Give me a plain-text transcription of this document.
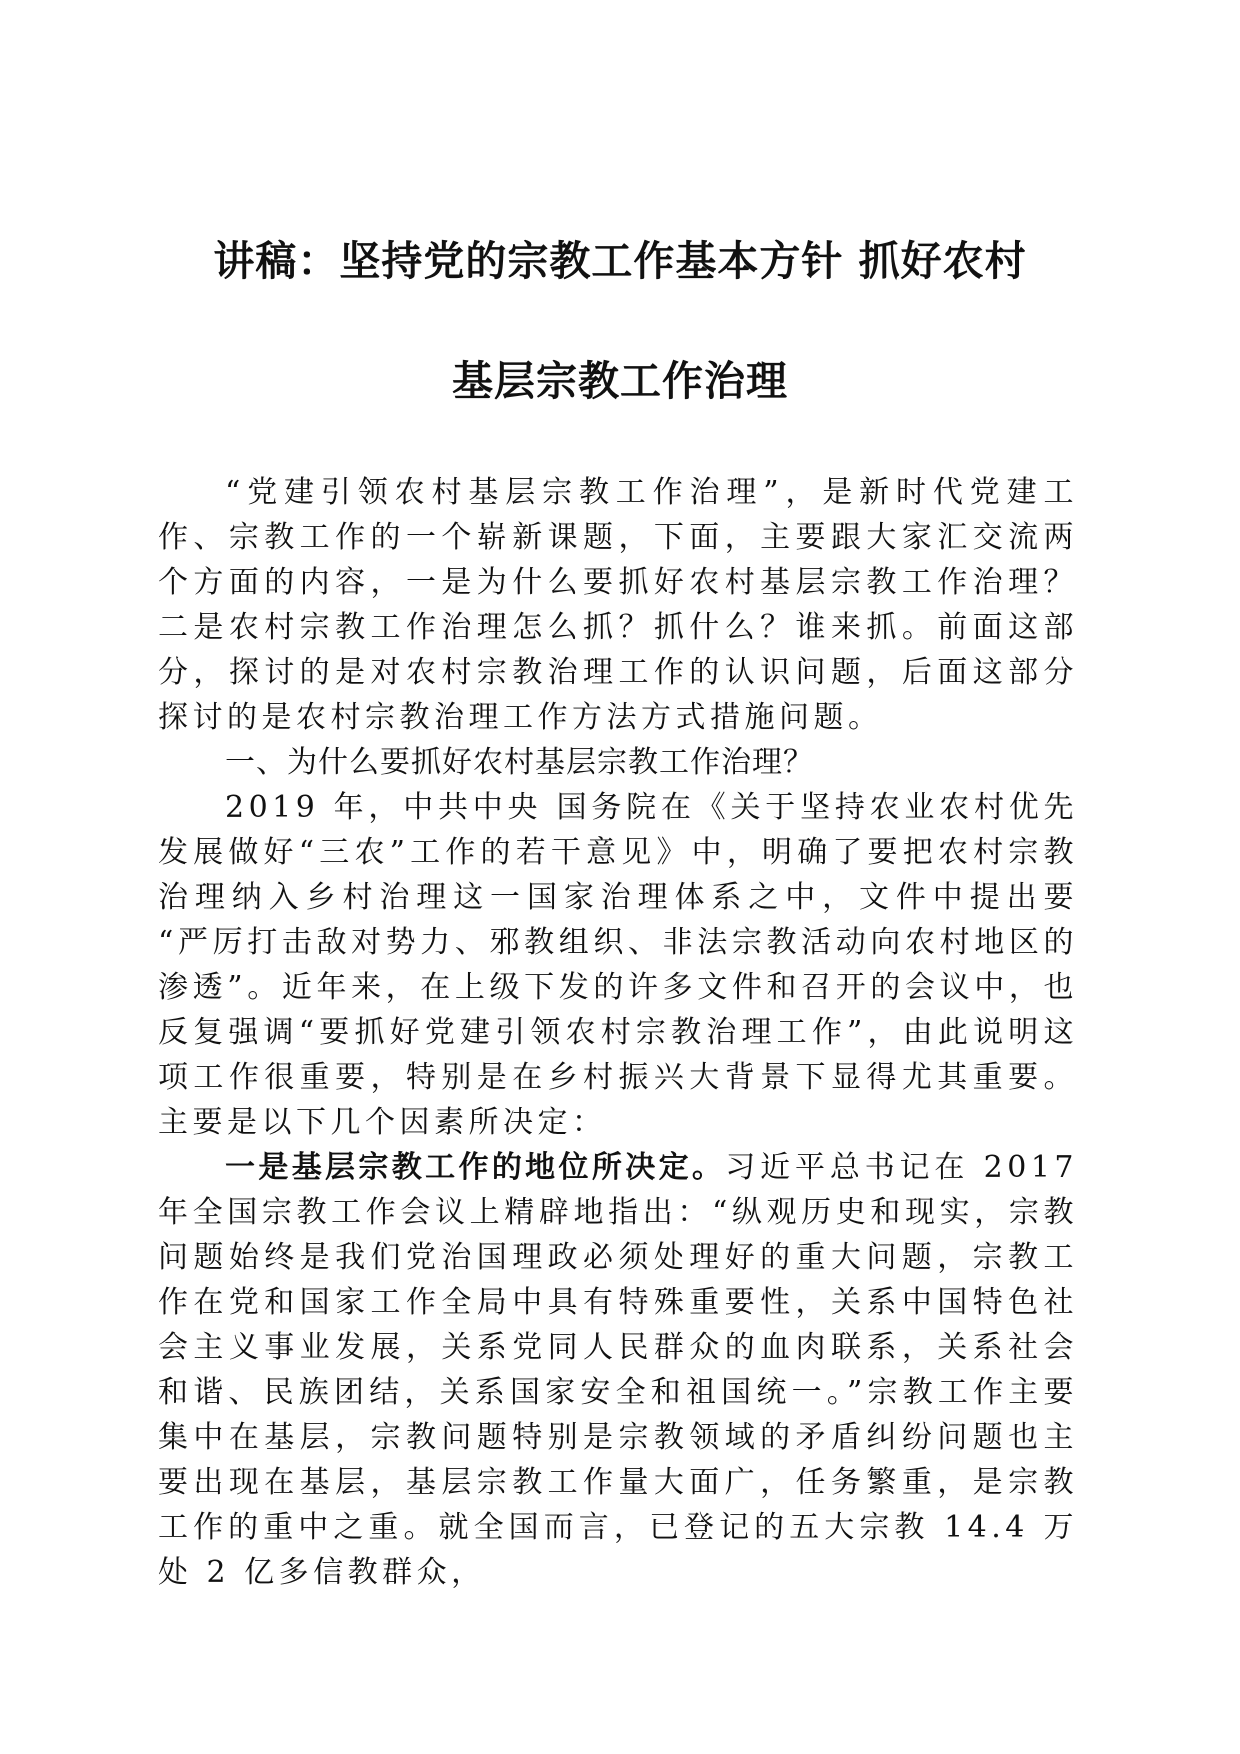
讲稿：坚持党的宗教工作基本方针 抓好农村
基层宗教工作治理

“党建引领农村基层宗教工作治理”，是新时代党建工作、宗教工作的一个崭新课题，下面，主要跟大家汇交流两个方面的内容，一是为什么要抓好农村基层宗教工作治理？二是农村宗教工作治理怎么抓？抓什么？谁来抓。前面这部分，探讨的是对农村宗教治理工作的认识问题，后面这部分探讨的是农村宗教治理工作方法方式措施问题。

一、为什么要抓好农村基层宗教工作治理？

2019 年，中共中央 国务院在《关于坚持农业农村优先发展做好“三农”工作的若干意见》中，明确了要把农村宗教治理纳入乡村治理这一国家治理体系之中，文件中提出要 “严厉打击敌对势力、邪教组织、非法宗教活动向农村地区的渗透”。近年来，在上级下发的许多文件和召开的会议中，也反复强调“要抓好党建引领农村宗教治理工作”，由此说明这项工作很重要，特别是在乡村振兴大背景下显得尤其重要。主要是以下几个因素所决定：

一是基层宗教工作的地位所决定。习近平总书记在 2017 年全国宗教工作会议上精辟地指出：“纵观历史和现实，宗教问题始终是我们党治国理政必须处理好的重大问题，宗教工作在党和国家工作全局中具有特殊重要性，关系中国特色社会主义事业发展，关系党同人民群众的血肉联系，关系社会和谐、民族团结，关系国家安全和祖国统一。”宗教工作主要集中在基层，宗教问题特别是宗教领域的矛盾纠纷问题也主要出现在基层，基层宗教工作量大面广，任务繁重，是宗教工作的重中之重。就全国而言，已登记的五大宗教 14.4 万处 2 亿多信教群众，
